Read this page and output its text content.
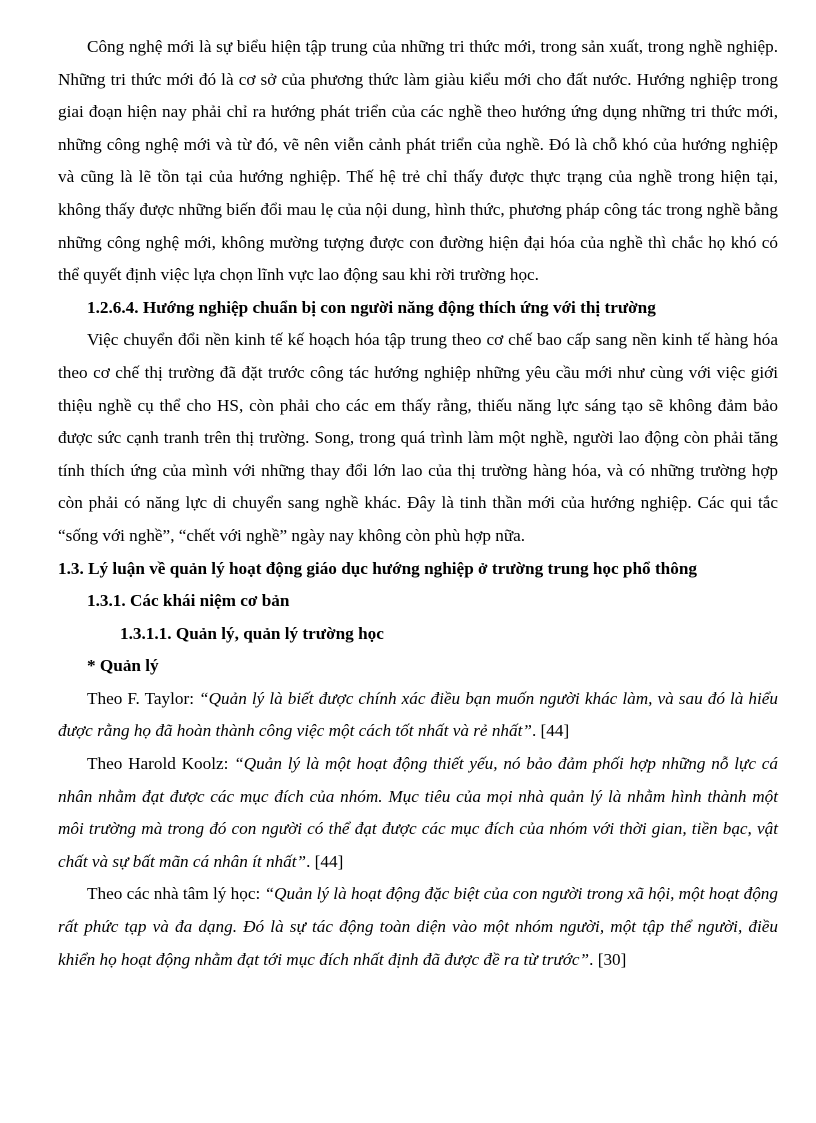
Công nghệ mới là sự biểu hiện tập trung của những tri thức mới, trong sản xuất, trong nghề nghiệp. Những tri thức mới đó là cơ sở của phương thức làm giàu kiểu mới cho đất nước. Hướng nghiệp trong giai đoạn hiện nay phải chỉ ra hướng phát triển của các nghề theo hướng ứng dụng những tri thức mới, những công nghệ mới và từ đó, vẽ nên viễn cảnh phát triển của nghề. Đó là chỗ khó của hướng nghiệp và cũng là lẽ tồn tại của hướng nghiệp. Thế hệ trẻ chỉ thấy được thực trạng của nghề trong hiện tại, không thấy được những biến đổi mau lẹ của nội dung, hình thức, phương pháp công tác trong nghề bằng những công nghệ mới, không mường tượng được con đường hiện đại hóa của nghề thì chắc họ khó có thể quyết định việc lựa chọn lĩnh vực lao động sau khi rời trường học.

1.2.6.4. Hướng nghiệp chuẩn bị con người năng động thích ứng với thị trường

Việc chuyển đổi nền kinh tế kế hoạch hóa tập trung theo cơ chế bao cấp sang nền kinh tế hàng hóa theo cơ chế thị trường đã đặt trước công tác hướng nghiệp những yêu cầu mới như cùng với việc giới thiệu nghề cụ thể cho HS, còn phải cho các em thấy rằng, thiếu năng lực sáng tạo sẽ không đảm bảo được sức cạnh tranh trên thị trường. Song, trong quá trình làm một nghề, người lao động còn phải tăng tính thích ứng của mình với những thay đổi lớn lao của thị trường hàng hóa, và có những trường hợp còn phải có năng lực di chuyển sang nghề khác. Đây là tinh thần mới của hướng nghiệp. Các qui tắc “sống với nghề”, “chết với nghề” ngày nay không còn phù hợp nữa.

1.3. Lý luận về quản lý hoạt động giáo dục hướng nghiệp ở trường trung học phổ thông

1.3.1. Các khái niệm cơ bản

1.3.1.1. Quản lý, quản lý trường học

* Quản lý

Theo F. Taylor: “Quản lý là biết được chính xác điều bạn muốn người khác làm, và sau đó là hiểu được rằng họ đã hoàn thành công việc một cách tốt nhất và rẻ nhất”. [44]

Theo Harold Koolz: “Quản lý là một hoạt động thiết yếu, nó bảo đảm phối hợp những nỗ lực cá nhân nhằm đạt được các mục đích của nhóm. Mục tiêu của mọi nhà quản lý là nhằm hình thành một môi trường mà trong đó con người có thể đạt được các mục đích của nhóm với thời gian, tiền bạc, vật chất và sự bất mãn cá nhân ít nhất”. [44]

Theo các nhà tâm lý học: “Quản lý là hoạt động đặc biệt của con người trong xã hội, một hoạt động rất phức tạp và đa dạng. Đó là sự tác động toàn diện vào một nhóm người, một tập thể người, điều khiển họ hoạt động nhằm đạt tới mục đích nhất định đã được đề ra từ trước”. [30]
